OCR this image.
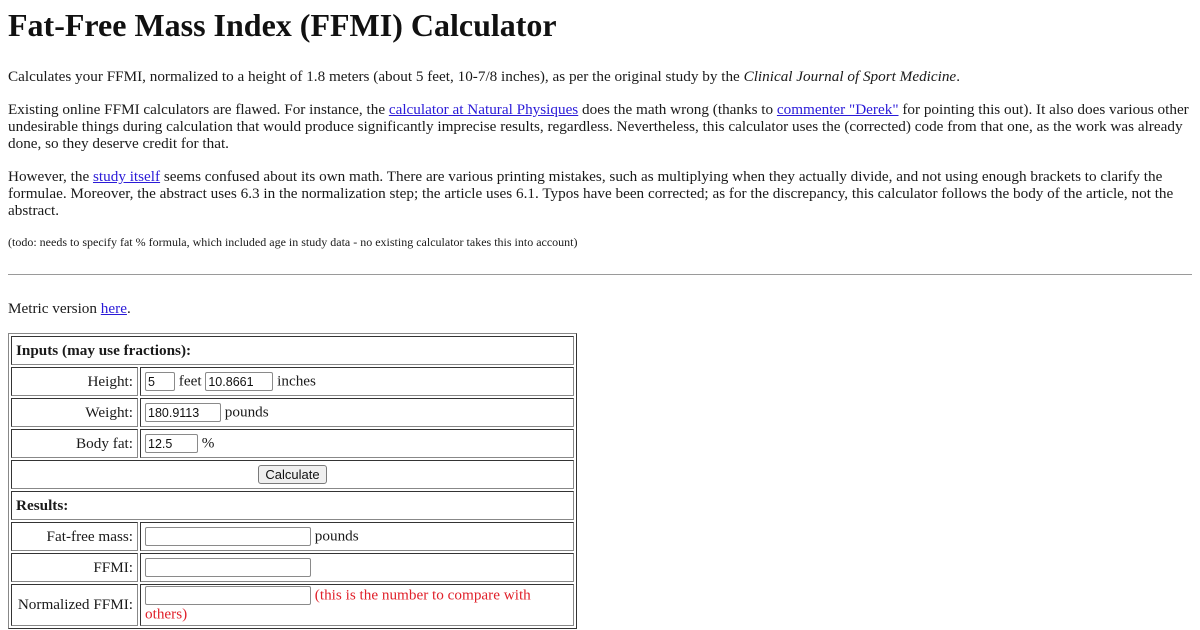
Fat-Free Mass Index (FFMI) Calculator

Calculates your FFMI, normalized to a height of 1.8 meters (about 5 feet, 10-7/8 inches), as per the original study by the Clinical Journal of Sport Medicine.

Existing online FFMI calculators are flawed. For instance, the calculator at Natural Physiques does the math wrong (thanks to commenter "Derek" for pointing this out). It also does various other undesirable things during calculation that would produce significantly imprecise results, regardless. Nevertheless, this calculator uses the (corrected) code from that one, as the work was already done, so they deserve credit for that.

However, the study itself seems confused about its own math. There are various printing mistakes, such as multiplying when they actually divide, and not using enough brackets to clarify the formulae. Moreover, the abstract uses 6.3 in the normalization step; the article uses 6.1. Typos have been corrected; as for the discrepancy, this calculator follows the body of the article, not the abstract.

(todo: needs to specify fat % formula, which included age in study data - no existing calculator takes this into account)

Metric version here.

Inputs (may use fractions):	
Height:	5feet 10.8661 inches
Weight:	180.9113pounds
Body fat:	12.5%
Calculate	
Results:	
Fat-free mass:	pounds
FFMI:	
Normalized FFMI:	(this is the number to compare with others)
